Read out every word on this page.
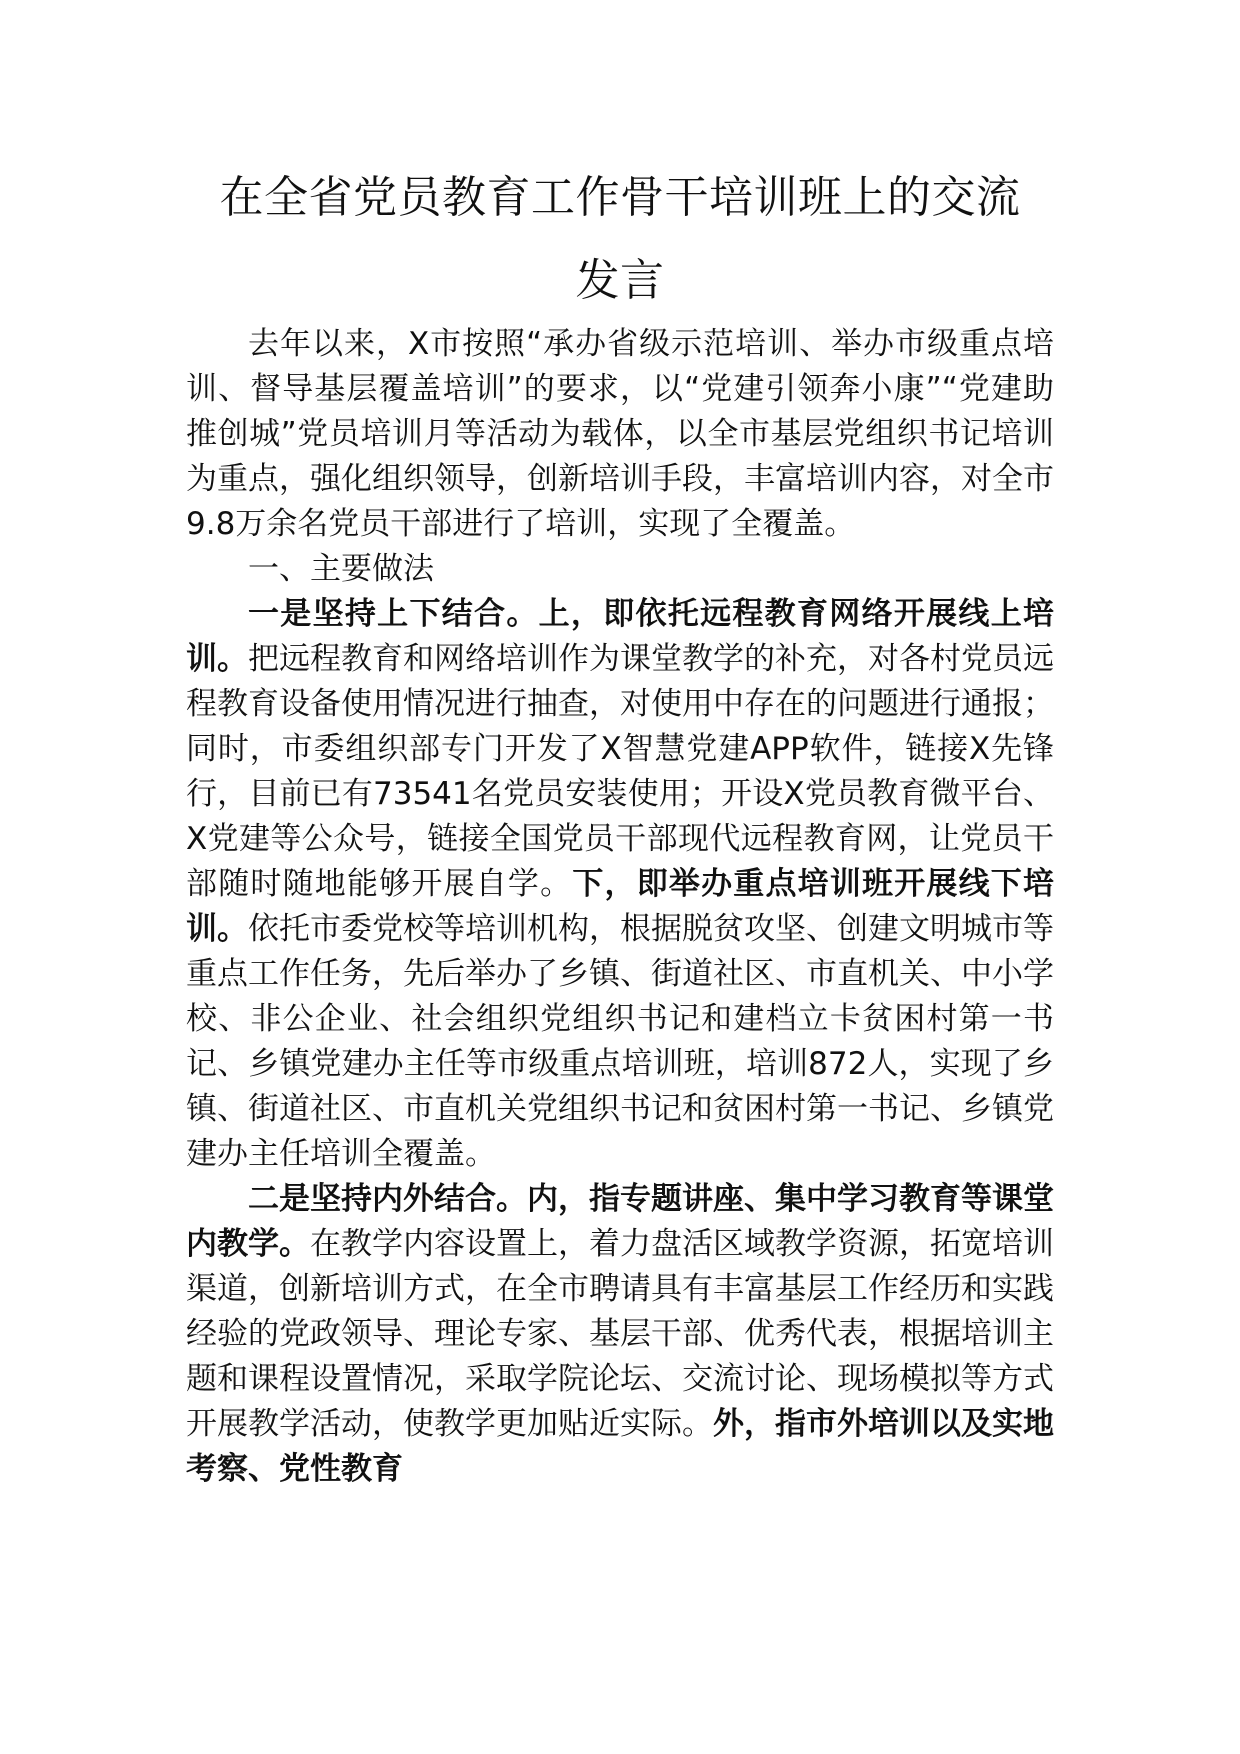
在全省党员教育工作骨干培训班上的交流
发言

去年以来，X市按照“承办省级示范培训、举办市级重点培训、督导基层覆盖培训”的要求，以“党建引领奔小康”“党建助推创城”党员培训月等活动为载体，以全市基层党组织书记培训为重点，强化组织领导，创新培训手段，丰富培训内容，对全市9.8万余名党员干部进行了培训，实现了全覆盖。

一、主要做法

一是坚持上下结合。上，即依托远程教育网络开展线上培训。把远程教育和网络培训作为课堂教学的补充，对各村党员远程教育设备使用情况进行抽查，对使用中存在的问题进行通报；同时，市委组织部专门开发了X智慧党建APP软件，链接X先锋行，目前已有73541名党员安装使用；开设X党员教育微平台、X党建等公众号，链接全国党员干部现代远程教育网，让党员干部随时随地能够开展自学。下，即举办重点培训班开展线下培训。依托市委党校等培训机构，根据脱贫攻坚、创建文明城市等重点工作任务，先后举办了乡镇、街道社区、市直机关、中小学校、非公企业、社会组织党组织书记和建档立卡贫困村第一书记、乡镇党建办主任等市级重点培训班，培训872人，实现了乡镇、街道社区、市直机关党组织书记和贫困村第一书记、乡镇党建办主任培训全覆盖。

二是坚持内外结合。内，指专题讲座、集中学习教育等课堂内教学。在教学内容设置上，着力盘活区域教学资源，拓宽培训渠道，创新培训方式，在全市聘请具有丰富基层工作经历和实践经验的党政领导、理论专家、基层干部、优秀代表，根据培训主题和课程设置情况，采取学院论坛、交流讨论、现场模拟等方式开展教学活动，使教学更加贴近实际。外，指市外培训以及实地考察、党性教育
